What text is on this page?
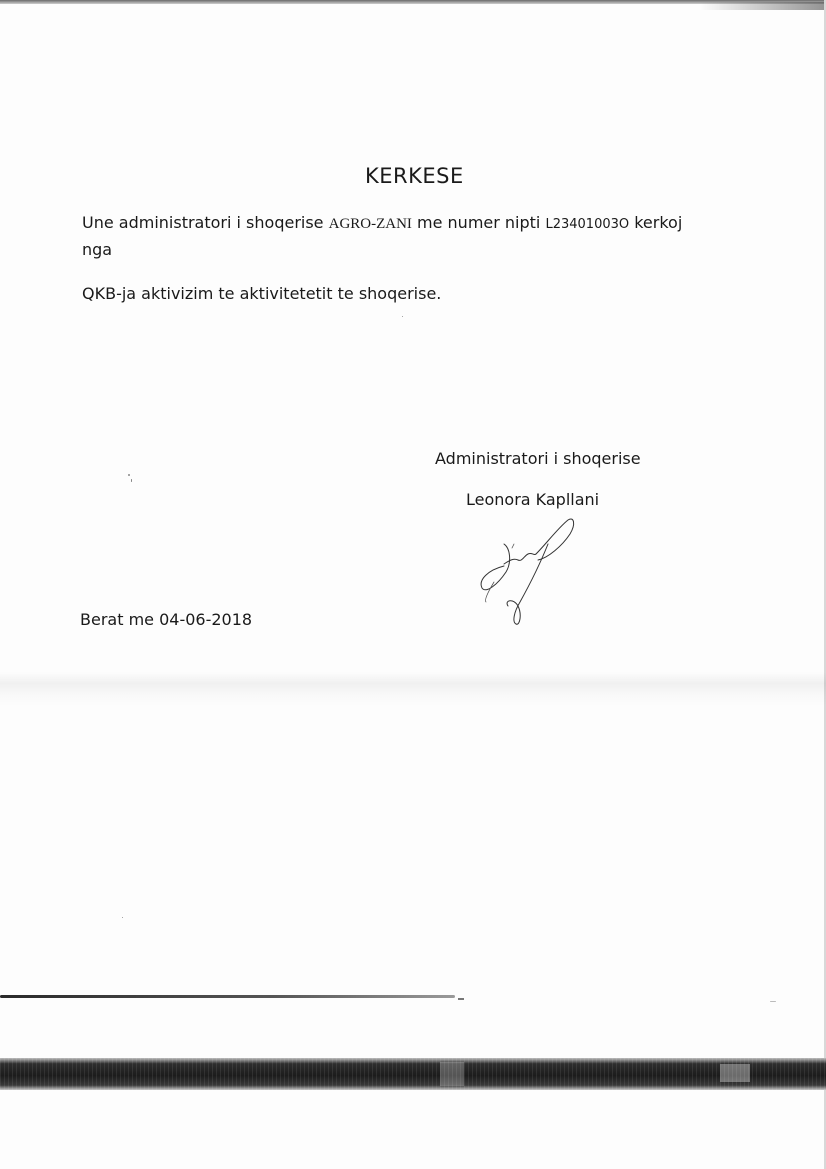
KERKESE
Une administratori i shoqerise AGRO-ZANI me numer nipti L23401003O kerkoj
nga
QKB-ja aktivizim te aktivitetetit te shoqerise.
Administratori i shoqerise
Leonora Kapllani
Berat me 04-06-2018
